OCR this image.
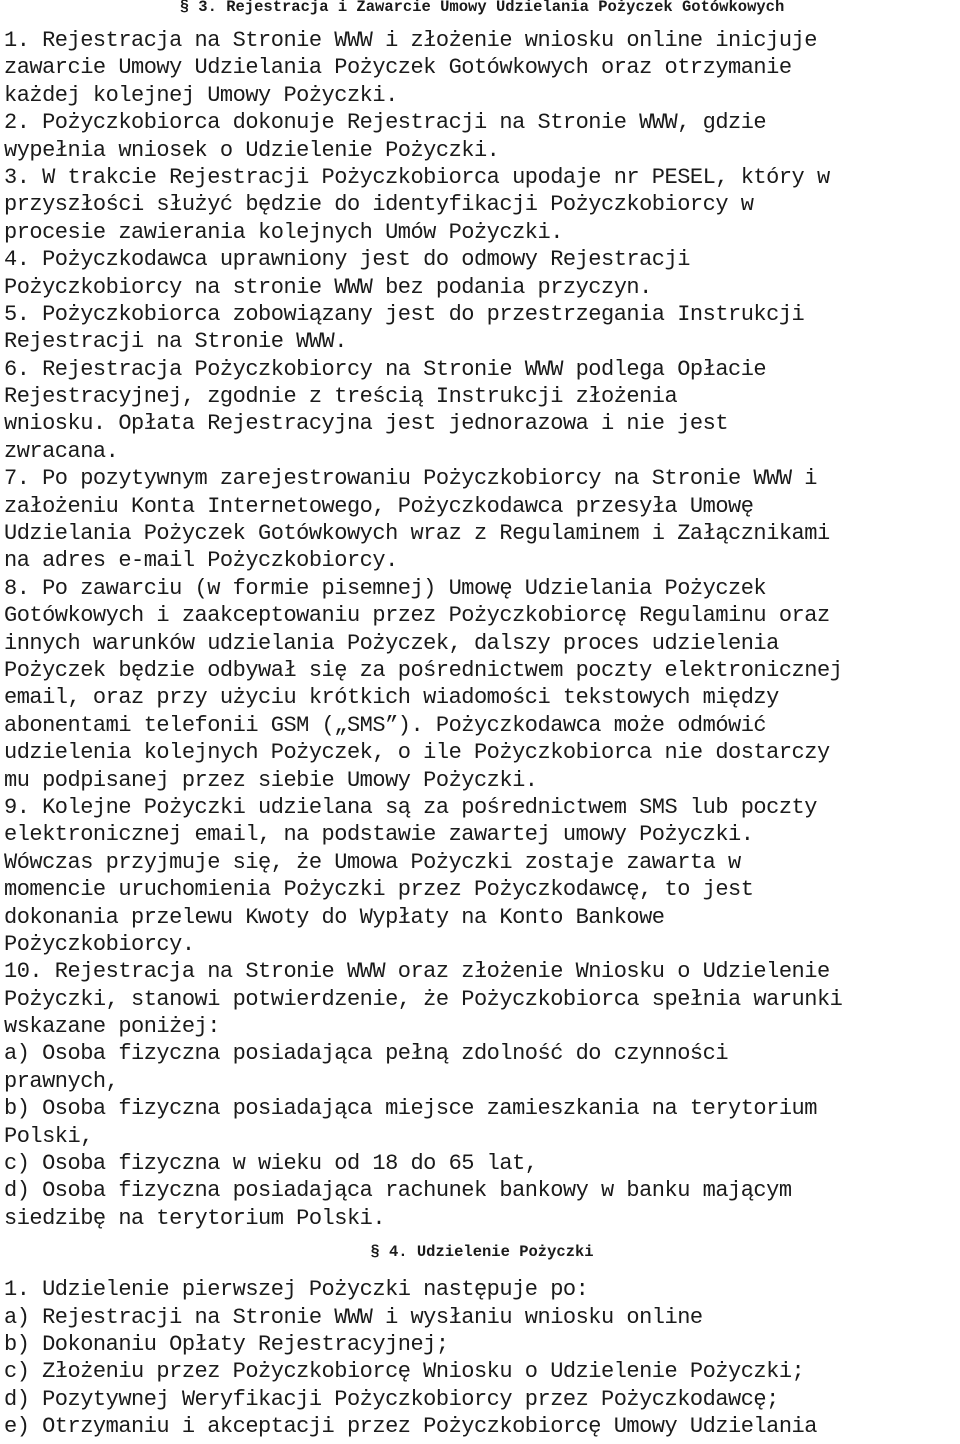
§ 3. Rejestracja i Zawarcie Umowy Udzielania Pożyczek Gotówkowych
1. Rejestracja na Stronie WWW i złożenie wniosku online inicjuje
zawarcie Umowy Udzielania Pożyczek Gotówkowych oraz otrzymanie
każdej kolejnej Umowy Pożyczki.
2. Pożyczkobiorca dokonuje Rejestracji na Stronie WWW, gdzie
wypełnia wniosek o Udzielenie Pożyczki.
3. W trakcie Rejestracji Pożyczkobiorca upodaje nr PESEL, który w
przyszłości służyć będzie do identyfikacji Pożyczkobiorcy w
procesie zawierania kolejnych Umów Pożyczki.
4. Pożyczkodawca uprawniony jest do odmowy Rejestracji
Pożyczkobiorcy na stronie WWW bez podania przyczyn.
5. Pożyczkobiorca zobowiązany jest do przestrzegania Instrukcji
Rejestracji na Stronie WWW.
6. Rejestracja Pożyczkobiorcy na Stronie WWW podlega Opłacie
Rejestracyjnej, zgodnie z treścią Instrukcji złożenia
wniosku. Opłata Rejestracyjna jest jednorazowa i nie jest
zwracana.
7. Po pozytywnym zarejestrowaniu Pożyczkobiorcy na Stronie WWW i
założeniu Konta Internetowego, Pożyczkodawca przesyła Umowę
Udzielania Pożyczek Gotówkowych wraz z Regulaminem i Załącznikami
na adres e-mail Pożyczkobiorcy.
8. Po zawarciu (w formie pisemnej) Umowę Udzielania Pożyczek
Gotówkowych i zaakceptowaniu przez Pożyczkobiorcę Regulaminu oraz
innych warunków udzielania Pożyczek, dalszy proces udzielenia
Pożyczek będzie odbywał się za pośrednictwem poczty elektronicznej
email, oraz przy użyciu krótkich wiadomości tekstowych między
abonentami telefonii GSM („SMS”). Pożyczkodawca może odmówić
udzielenia kolejnych Pożyczek, o ile Pożyczkobiorca nie dostarczy
mu podpisanej przez siebie Umowy Pożyczki.
9. Kolejne Pożyczki udzielana są za pośrednictwem SMS lub poczty
elektronicznej email, na podstawie zawartej umowy Pożyczki.
Wówczas przyjmuje się, że Umowa Pożyczki zostaje zawarta w
momencie uruchomienia Pożyczki przez Pożyczkodawcę, to jest
dokonania przelewu Kwoty do Wypłaty na Konto Bankowe
Pożyczkobiorcy.
10. Rejestracja na Stronie WWW oraz złożenie Wniosku o Udzielenie
Pożyczki, stanowi potwierdzenie, że Pożyczkobiorca spełnia warunki
wskazane poniżej:
a) Osoba fizyczna posiadająca pełną zdolność do czynności
prawnych,
b) Osoba fizyczna posiadająca miejsce zamieszkania na terytorium
Polski,
c) Osoba fizyczna w wieku od 18 do 65 lat,
d) Osoba fizyczna posiadająca rachunek bankowy w banku mającym
siedzibę na terytorium Polski.
§ 4. Udzielenie Pożyczki
1. Udzielenie pierwszej Pożyczki następuje po:
a) Rejestracji na Stronie WWW i wysłaniu wniosku online
b) Dokonaniu Opłaty Rejestracyjnej;
c) Złożeniu przez Pożyczkobiorcę Wniosku o Udzielenie Pożyczki;
d) Pozytywnej Weryfikacji Pożyczkobiorcy przez Pożyczkodawcę;
e) Otrzymaniu i akceptacji przez Pożyczkobiorcę Umowy Udzielania
